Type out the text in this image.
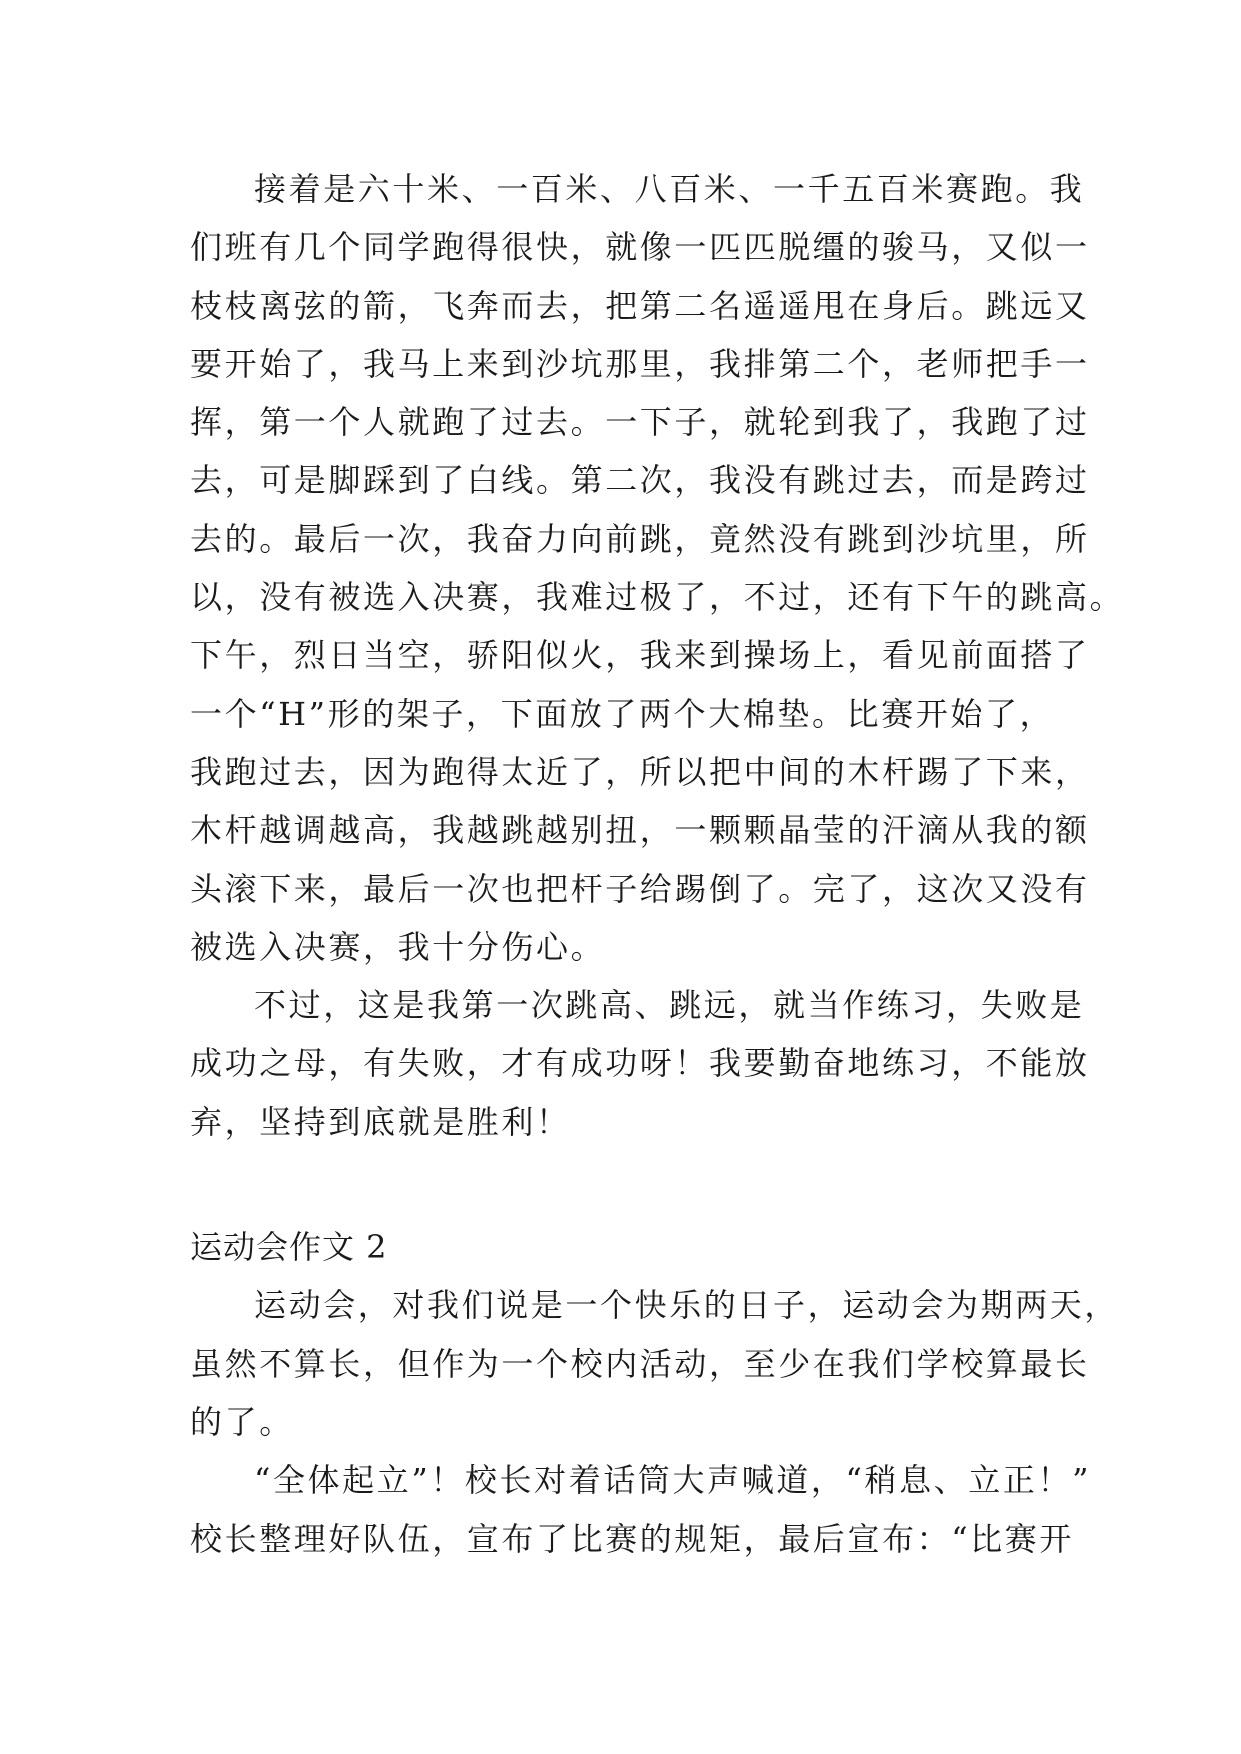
接着是六十米、一百米、八百米、一千五百米赛跑。我
们班有几个同学跑得很快，就像一匹匹脱缰的骏马，又似一
枝枝离弦的箭，飞奔而去，把第二名遥遥甩在身后。跳远又
要开始了，我马上来到沙坑那里，我排第二个，老师把手一
挥，第一个人就跑了过去。一下子，就轮到我了，我跑了过
去，可是脚踩到了白线。第二次，我没有跳过去，而是跨过
去的。最后一次，我奋力向前跳，竟然没有跳到沙坑里，所
以，没有被选入决赛，我难过极了，不过，还有下午的跳高。
下午，烈日当空，骄阳似火，我来到操场上，看见前面搭了
一个“H”形的架子，下面放了两个大棉垫。比赛开始了，
我跑过去，因为跑得太近了，所以把中间的木杆踢了下来，
木杆越调越高，我越跳越别扭，一颗颗晶莹的汗滴从我的额
头滚下来，最后一次也把杆子给踢倒了。完了，这次又没有
被选入决赛，我十分伤心。
不过，这是我第一次跳高、跳远，就当作练习，失败是
成功之母，有失败，才有成功呀！我要勤奋地练习，不能放
弃，坚持到底就是胜利！
运动会作文 2
运动会，对我们说是一个快乐的日子，运动会为期两天，
虽然不算长，但作为一个校内活动，至少在我们学校算最长
的了。
“全体起立”！校长对着话筒大声喊道，“稍息、立正！”
校长整理好队伍，宣布了比赛的规矩，最后宣布：“比赛开
